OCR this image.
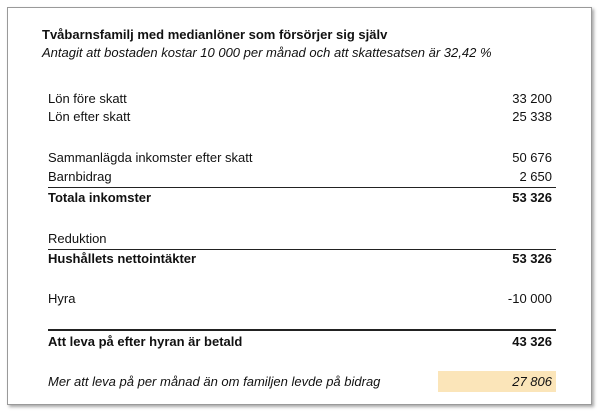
Tvåbarnsfamilj med medianlöner som försörjer sig själv
Antagit att bostaden kostar 10 000 per månad och att skattesatsen är 32,42 %
Lön före skatt	33 200
Lön efter skatt	25 338
Sammanlägda inkomster efter skatt	50 676
Barnbidrag	2 650
Totala inkomster	53 326
Reduktion
Hushållets nettointäkter	53 326
Hyra	-10 000
Att leva på efter hyran är betald	43 326
Mer att leva på per månad än om familjen levde på bidrag	27 806
